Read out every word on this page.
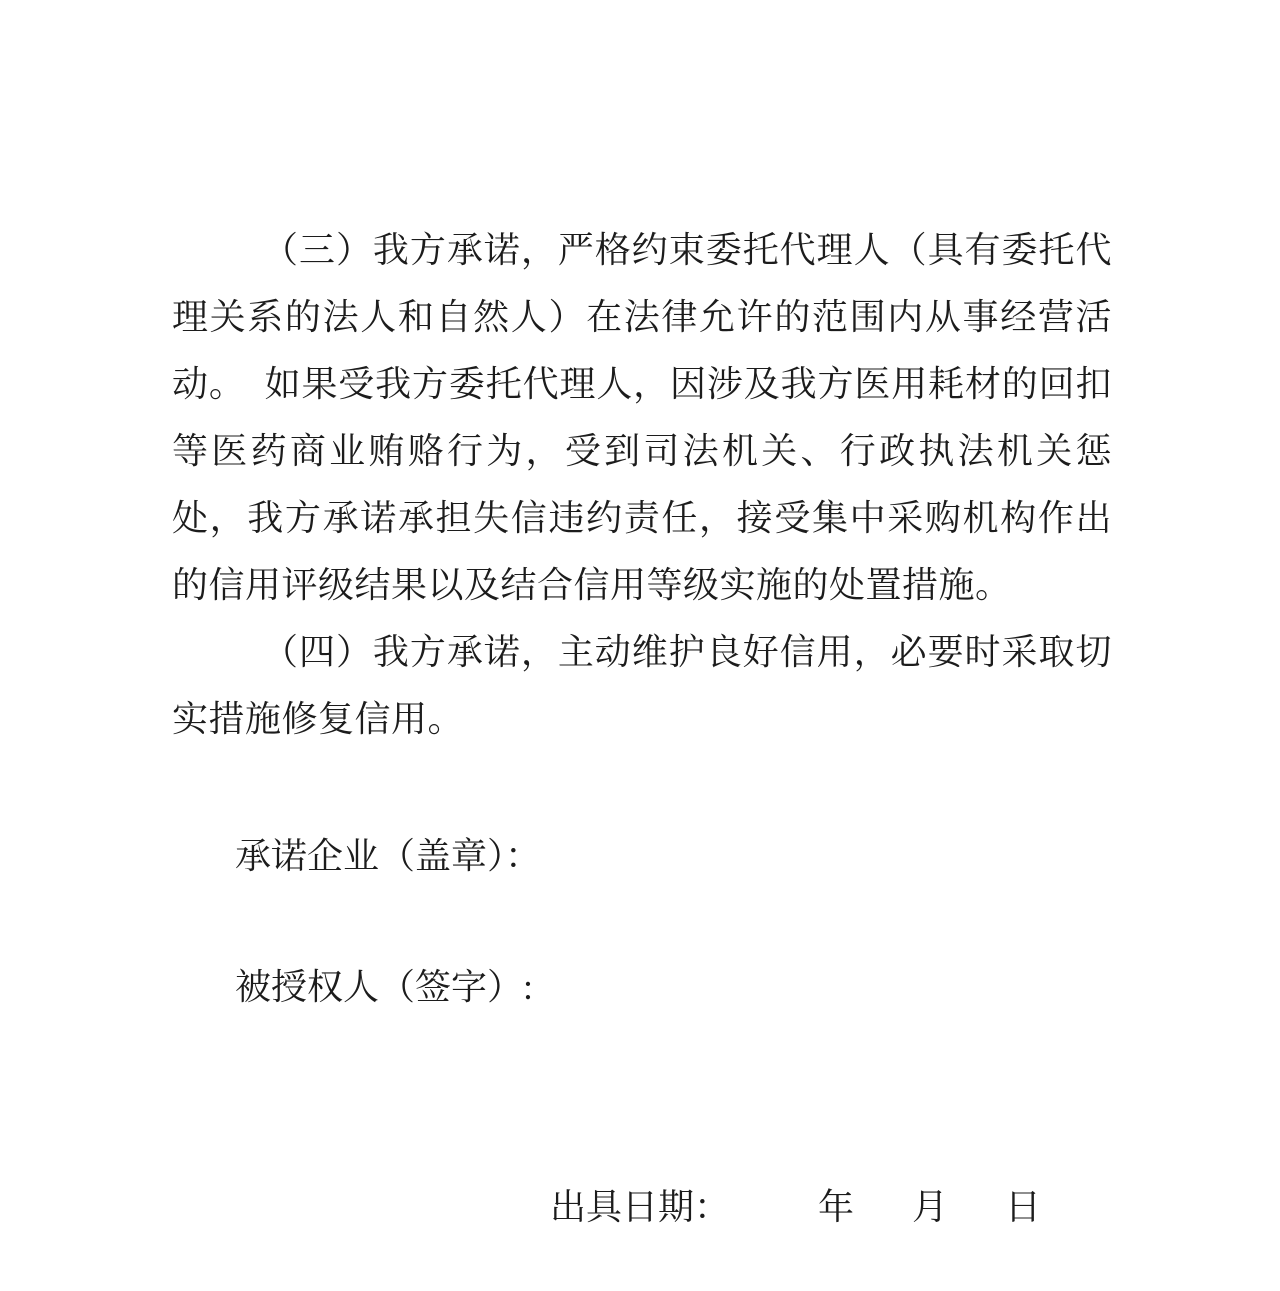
（三）我方承诺，严格约束委托代理人（具有委托代理关系的法人和自然人）在法律允许的范围内从事经营活动。　如果受我方委托代理人，因涉及我方医用耗材的回扣等医药商业贿赂行为，受到司法机关、行政执法机关惩处，我方承诺承担失信违约责任，接受集中采购机构作出的信用评级结果以及结合信用等级实施的处置措施。

（四）我方承诺，主动维护良好信用，必要时采取切实措施修复信用。

承诺企业（盖章）：
被授权人（签字）:
出具日期： 年 月 日
